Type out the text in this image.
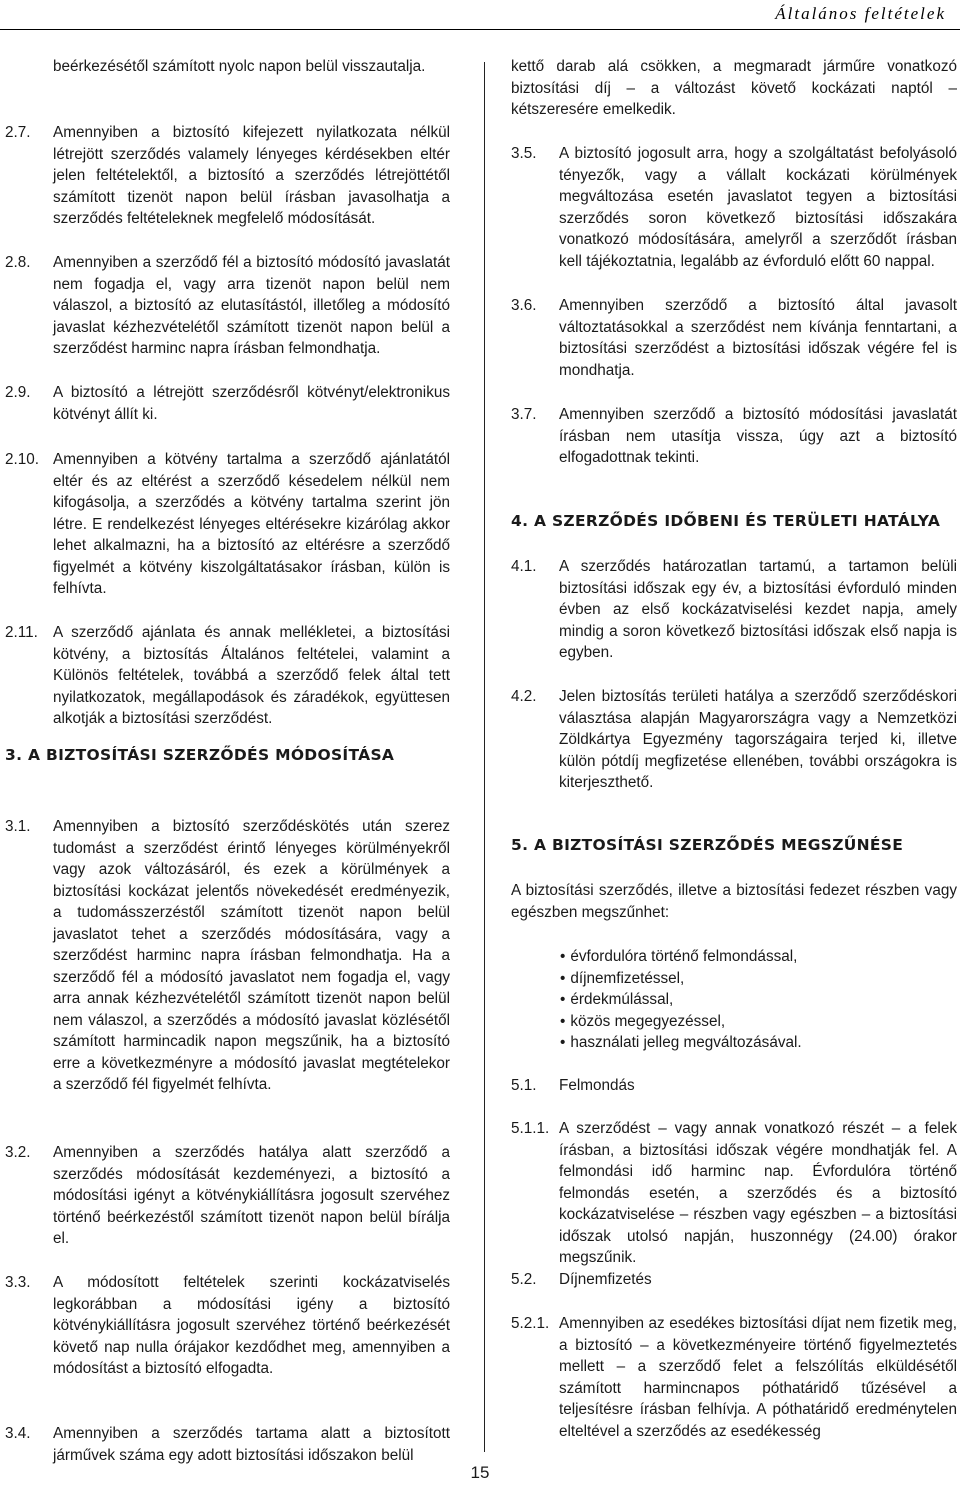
Általános feltételek
beérkezésétől számított nyolc napon belül visszautalja.
2.7. Amennyiben a biztosító kifejezett nyilatkozata nélkül létrejött szerződés valamely lényeges kérdésekben eltér jelen feltételektől, a biztosító a szerződés létrejöttétől számított tizenöt napon belül írásban javasolhatja a szerződés feltételeknek megfelelő módosítását.
2.8. Amennyiben a szerződő fél a biztosító módosító javaslatát nem fogadja el, vagy arra tizenöt napon belül nem válaszol, a biztosító az elutasítástól, illetőleg a módosító javaslat kézhezvételétől számított tizenöt napon belül a szerződést harminc napra írásban felmondhatja.
2.9. A biztosító a létrejött szerződésről kötvényt/elektronikus kötvényt állít ki.
2.10. Amennyiben a kötvény tartalma a szerződő ajánlatától eltér és az eltérést a szerződő késedelem nélkül nem kifogásolja, a szerződés a kötvény tartalma szerint jön létre. E rendelkezést lényeges eltérésekre kizárólag akkor lehet alkalmazni, ha a biztosító az eltérésre a szerződő figyelmét a kötvény kiszolgáltatásakor írásban, külön is felhívta.
2.11. A szerződő ajánlata és annak mellékletei, a biztosítási kötvény, a biztosítás Általános feltételei, valamint a Különös feltételek, továbbá a szerződő felek által tett nyilatkozatok, megállapodások és záradékok, együttesen alkotják a biztosítási szerződést.
3. A BIZTOSÍTÁSI SZERZŐDÉS MÓDOSÍTÁSA
3.1. Amennyiben a biztosító szerződéskötés után szerez tudomást a szerződést érintő lényeges körülményekről vagy azok változásáról, és ezek a körülmények a biztosítási kockázat jelentős növekedését eredményezik, a tudomásszerzéstől számított tizenöt napon belül javaslatot tehet a szerződés módosítására, vagy a szerződést harminc napra írásban felmondhatja. Ha a szerződő fél a módosító javaslatot nem fogadja el, vagy arra annak kézhezvételétől számított tizenöt napon belül nem válaszol, a szerződés a módosító javaslat közlésétől számított harmincadik napon megszűnik, ha a biztosító erre a következményre a módosító javaslat megtételekor a szerződő fél figyelmét felhívta.
3.2. Amennyiben a szerződés hatálya alatt szerződő a szerződés módosítását kezdeményezi, a biztosító a módosítási igényt a kötvénykiállításra jogosult szervéhez történő beérkezéstől számított tizenöt napon belül bírálja el.
3.3. A módosított feltételek szerinti kockázatviselés legkorábban a módosítási igény a biztosító kötvénykiállításra jogosult szervéhez történő beérkezését követő nap nulla órájakor kezdődhet meg, amennyiben a módosítást a biztosító elfogadta.
3.4. Amennyiben a szerződés tartama alatt a biztosított járművek száma egy adott biztosítási időszakon belül
kettő darab alá csökken, a megmaradt járműre vonatkozó biztosítási díj – a változást követő kockázati naptól – kétszeresére emelkedik.
3.5. A biztosító jogosult arra, hogy a szolgáltatást befolyásoló tényezők, vagy a vállalt kockázati körülmények megváltozása esetén javaslatot tegyen a biztosítási szerződés soron következő biztosítási időszakára vonatkozó módosítására, amelyről a szerződőt írásban kell tájékoztatnia, legalább az évforduló előtt 60 nappal.
3.6. Amennyiben szerződő a biztosító által javasolt változtatásokkal a szerződést nem kívánja fenntartani, a biztosítási szerződést a biztosítási időszak végére fel is mondhatja.
3.7. Amennyiben szerződő a biztosító módosítási javaslatát írásban nem utasítja vissza, úgy azt a biztosító elfogadottnak tekinti.
4. A SZERZŐDÉS IDŐBENI ÉS TERÜLETI HATÁLYA
4.1. A szerződés határozatlan tartamú, a tartamon belüli biztosítási időszak egy év, a biztosítási évforduló minden évben az első kockázatviselési kezdet napja, amely mindig a soron következő biztosítási időszak első napja is egyben.
4.2. Jelen biztosítás területi hatálya a szerződő szerződéskori választása alapján Magyarországra vagy a Nemzetközi Zöldkártya Egyezmény tagországaira terjed ki, illetve külön pótdíj megfizetése ellenében, további országokra is kiterjeszthető.
5. A BIZTOSÍTÁSI SZERZŐDÉS MEGSZŰNÉSE
A biztosítási szerződés, illetve a biztosítási fedezet részben vagy egészben megszűnhet:
• évfordulóra történő felmondással,
• díjnemfizetéssel,
• érdekmúlással,
• közös megegyezéssel,
• használati jelleg megváltozásával.
5.1. Felmondás
5.1.1. A szerződést – vagy annak vonatkozó részét – a felek írásban, a biztosítási időszak végére mondhatják fel. A felmondási idő harminc nap. Évfordulóra történő felmondás esetén, a szerződés és a biztosító kockázatviselése – részben vagy egészben – a biztosítási időszak utolsó napján, huszonnégy (24.00) órakor megszűnik.
5.2. Díjnemfizetés
5.2.1. Amennyiben az esedékes biztosítási díjat nem fizetik meg, a biztosító – a következményeire történő figyelmeztetés mellett – a szerződő felet a felszólítás elküldésétől számított harmincnapos póthatáridő tűzésével a teljesítésre írásban felhívja. A póthatáridő eredménytelen elteltével a szerződés az esedékesség
15
